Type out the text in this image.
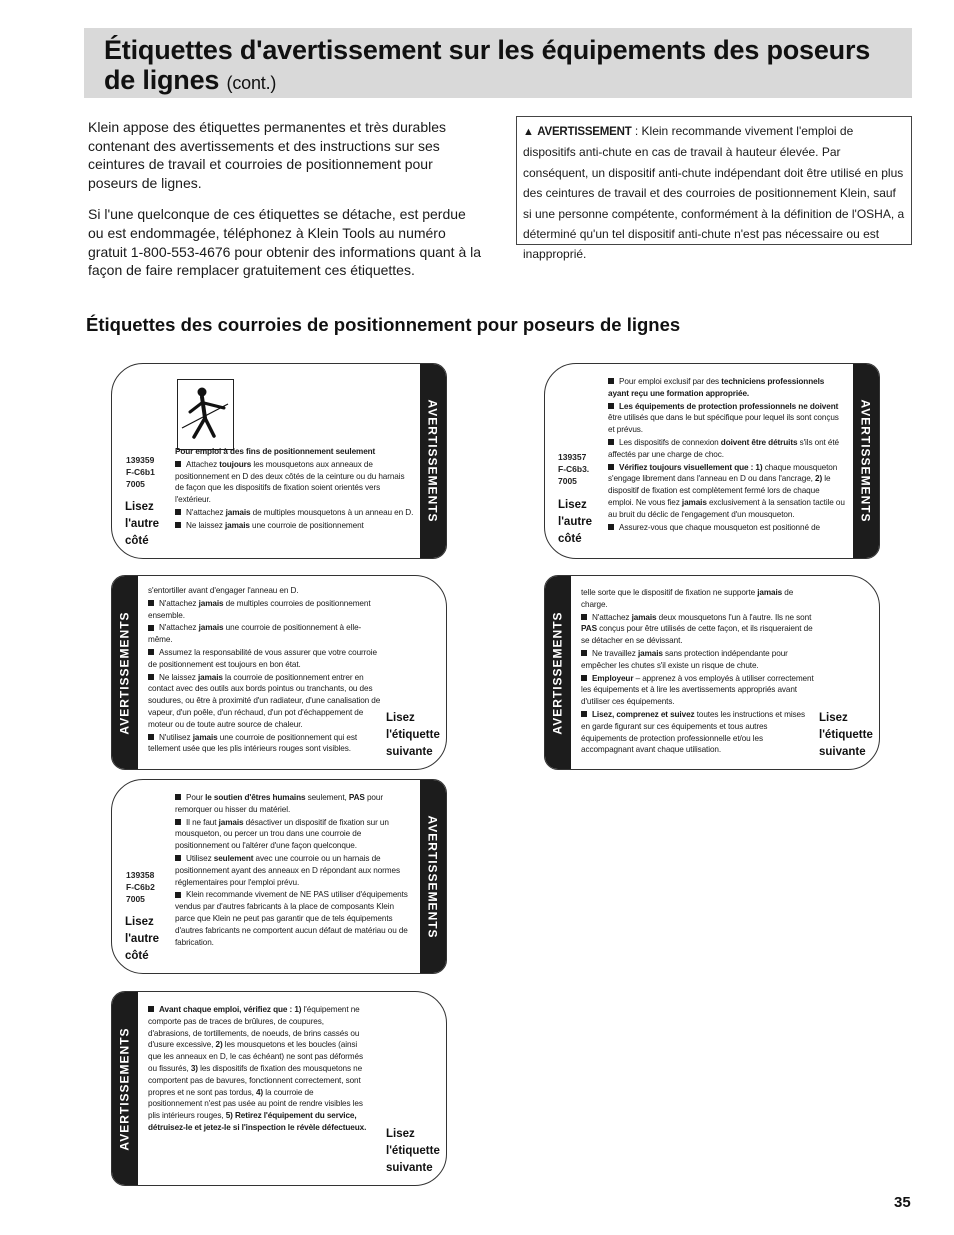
Étiquettes d'avertissement sur les équipements des poseurs de lignes (cont.)

Klein appose des étiquettes permanentes et très durables contenant des avertissements et des instructions sur ses ceintures de travail et courroies de positionnement pour poseurs de lignes.

Si l'une quelconque de ces étiquettes se détache, est perdue ou est endommagée, téléphonez à Klein Tools au numéro gratuit 1-800-553-4676 pour obtenir des informations quant à la façon de faire remplacer gratuitement ces étiquettes.

▲ AVERTISSEMENT : Klein recommande vivement l'emploi de dispositifs anti-chute en cas de travail à hauteur élevée. Par conséquent, un dispositif anti-chute indépendant doit être utilisé en plus des ceintures de travail et des courroies de positionnement Klein, sauf si une personne compétente, conformément à la définition de l'OSHA, a déterminé qu'un tel dispositif anti-chute n'est pas nécessaire ou est inapproprié.
Étiquettes des courroies de positionnement pour poseurs de lignes
139359
F-C6b1
7005
Lisez
l'autre
côté

Pour emploi à des fins de positionnement seulement

Attachez toujours les mousquetons aux anneaux de positionnement en D des deux côtés de la ceinture ou du harnais de façon que les dispositifs de fixation soient orientés vers l'extérieur.

N'attachez jamais de multiples mousquetons à un anneau en D.

Ne laissez jamais une courroie de positionnement

AVERTISSEMENTS
AVERTISSEMENTS

s'entortiller avant d'engager l'anneau en D.

N'attachez jamais de multiples courroies de positionnement ensemble.

N'attachez jamais une courroie de positionnement à elle-même.

Assumez la responsabilité de vous assurer que votre courroie de positionnement est toujours en bon état.

Ne laissez jamais la courroie de positionnement entrer en contact avec des outils aux bords pointus ou tranchants, ou des soudures, ou être à proximité d'un radiateur, d'une canalisation de vapeur, d'un poêle, d'un réchaud, d'un pot d'échappement de moteur ou de toute autre source de chaleur.

N'utilisez jamais une courroie de positionnement qui est tellement usée que les plis intérieurs rouges sont visibles.

Lisez
l'étiquette
suivante
139358
F-C6b2
7005
Lisez
l'autre
côté

Pour le soutien d'êtres humains seulement, PAS pour remorquer ou hisser du matériel.

Il ne faut jamais désactiver un dispositif de fixation sur un mousqueton, ou percer un trou dans une courroie de positionnement ou l'altérer d'une façon quelconque.

Utilisez seulement avec une courroie ou un harnais de positionnement ayant des anneaux en D répondant aux normes réglementaires pour l'emploi prévu.

Klein recommande vivement de NE PAS utiliser d'équipements vendus par d'autres fabricants à la place de composants Klein parce que Klein ne peut pas garantir que de tels équipements d'autres fabricants ne comportent aucun défaut de matériau ou de fabrication.

AVERTISSEMENTS
AVERTISSEMENTS

Avant chaque emploi, vérifiez que : 1) l'équipement ne comporte pas de traces de brûlures, de coupures, d'abrasions, de tortillements, de noeuds, de brins cassés ou d'usure excessive, 2) les mousquetons et les boucles (ainsi que les anneaux en D, le cas échéant) ne sont pas déformés ou fissurés, 3) les dispositifs de fixation des mousquetons ne comportent pas de bavures, fonctionnent correctement, sont propres et ne sont pas tordus, 4) la courroie de positionnement n'est pas usée au point de rendre visibles les plis intérieurs rouges, 5) Retirez l'équipement du service, détruisez-le et jetez-le si l'inspection le révèle défectueux.

Lisez
l'étiquette
suivante
139357
F-C6b3.
7005
Lisez
l'autre
côté

Pour emploi exclusif par des techniciens professionnels ayant reçu une formation appropriée.

Les équipements de protection professionnels ne doivent être utilisés que dans le but spécifique pour lequel ils sont conçus et prévus.

Les dispositifs de connexion doivent être détruits s'ils ont été affectés par une charge de choc.

Vérifiez toujours visuellement que : 1) chaque mousqueton s'engage librement dans l'anneau en D ou dans l'ancrage, 2) le dispositif de fixation est complètement fermé lors de chaque emploi. Ne vous fiez jamais exclusivement à la sensation tactile ou au bruit du déclic de l'engagement d'un mousqueton.

Assurez-vous que chaque mousqueton est positionné de

AVERTISSEMENTS
AVERTISSEMENTS

telle sorte que le dispositif de fixation ne supporte jamais de charge.

N'attachez jamais deux mousquetons l'un à l'autre. Ils ne sont PAS conçus pour être utilisés de cette façon, et ils risqueraient de se détacher en se dévissant.

Ne travaillez jamais sans protection indépendante pour empêcher les chutes s'il existe un risque de chute.

Employeur – apprenez à vos employés à utiliser correctement les équipements et à lire les avertissements appropriés avant d'utiliser ces équipements.

Lisez, comprenez et suivez toutes les instructions et mises en garde figurant sur ces équipements et tous autres équipements de protection professionnelle et/ou les accompagnant avant chaque utilisation.

Lisez
l'étiquette
suivante
35
